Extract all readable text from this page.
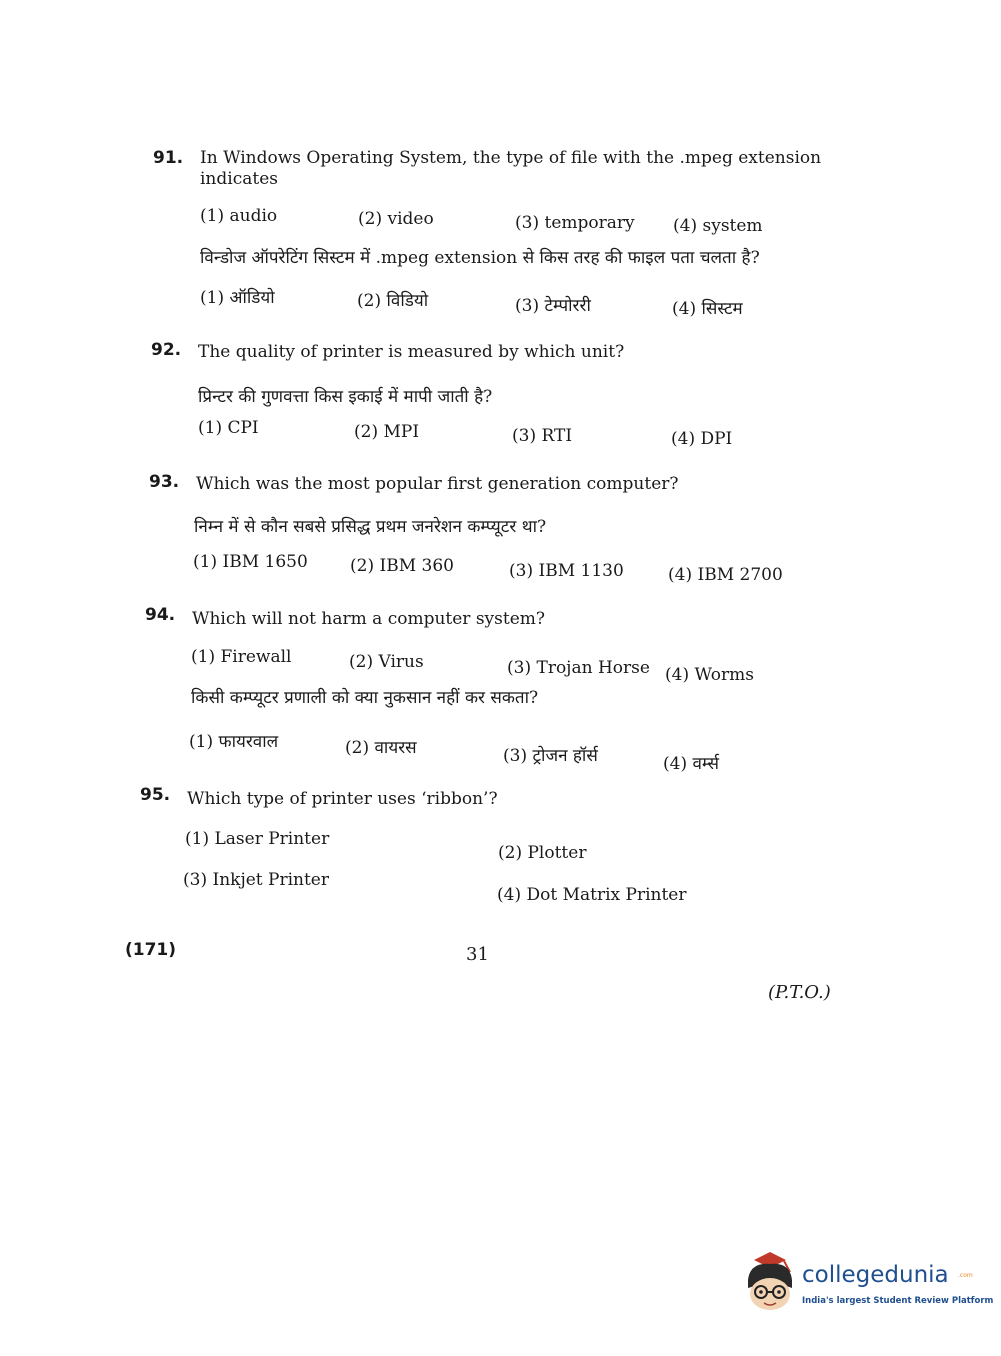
91. In Windows Operating System, the type of file with the .mpeg extension
indicates
(1) audio	(2) video	(3) temporary (4) system
विन्डोज ऑपरेटिंग सिस्टम में .mpeg extension से किस तरह की फाइल पता चलता है?
(1) ऑडियो	(2) विडियो	(3) टेम्पोररी	(4) सिस्टम
92. The quality of printer is measured by which unit?
प्रिन्टर की गुणवत्ता किस इकाई में मापी जाती है?
(1) CPI	(2) MPI	(3) RTI	(4) DPI
93. Which was the most popular first generation computer?
निम्न में से कौन सबसे प्रसिद्ध प्रथम जनरेशन कम्प्यूटर था?
(1) IBM 1650 (2) IBM 360	(3) IBM 1130	(4) IBM 2700
94. Which will not harm a computer system?
(1) Firewall	(2) Virus	(3) Trojan Horse (4) Worms
किसी कम्प्यूटर प्रणाली को क्या नुकसान नहीं कर सकता?
(1) फायरवाल	(2) वायरस	(3) ट्रोजन हॉर्स	(4) वर्म्स
95. Which type of printer uses ‘ribbon’?
(1) Laser Printer
(2) Plotter
(3) Inkjet Printer
(4) Dot Matrix Printer
(171)	31
(P.T.O.)
collegedunia .com
India's largest Student Review Platform
